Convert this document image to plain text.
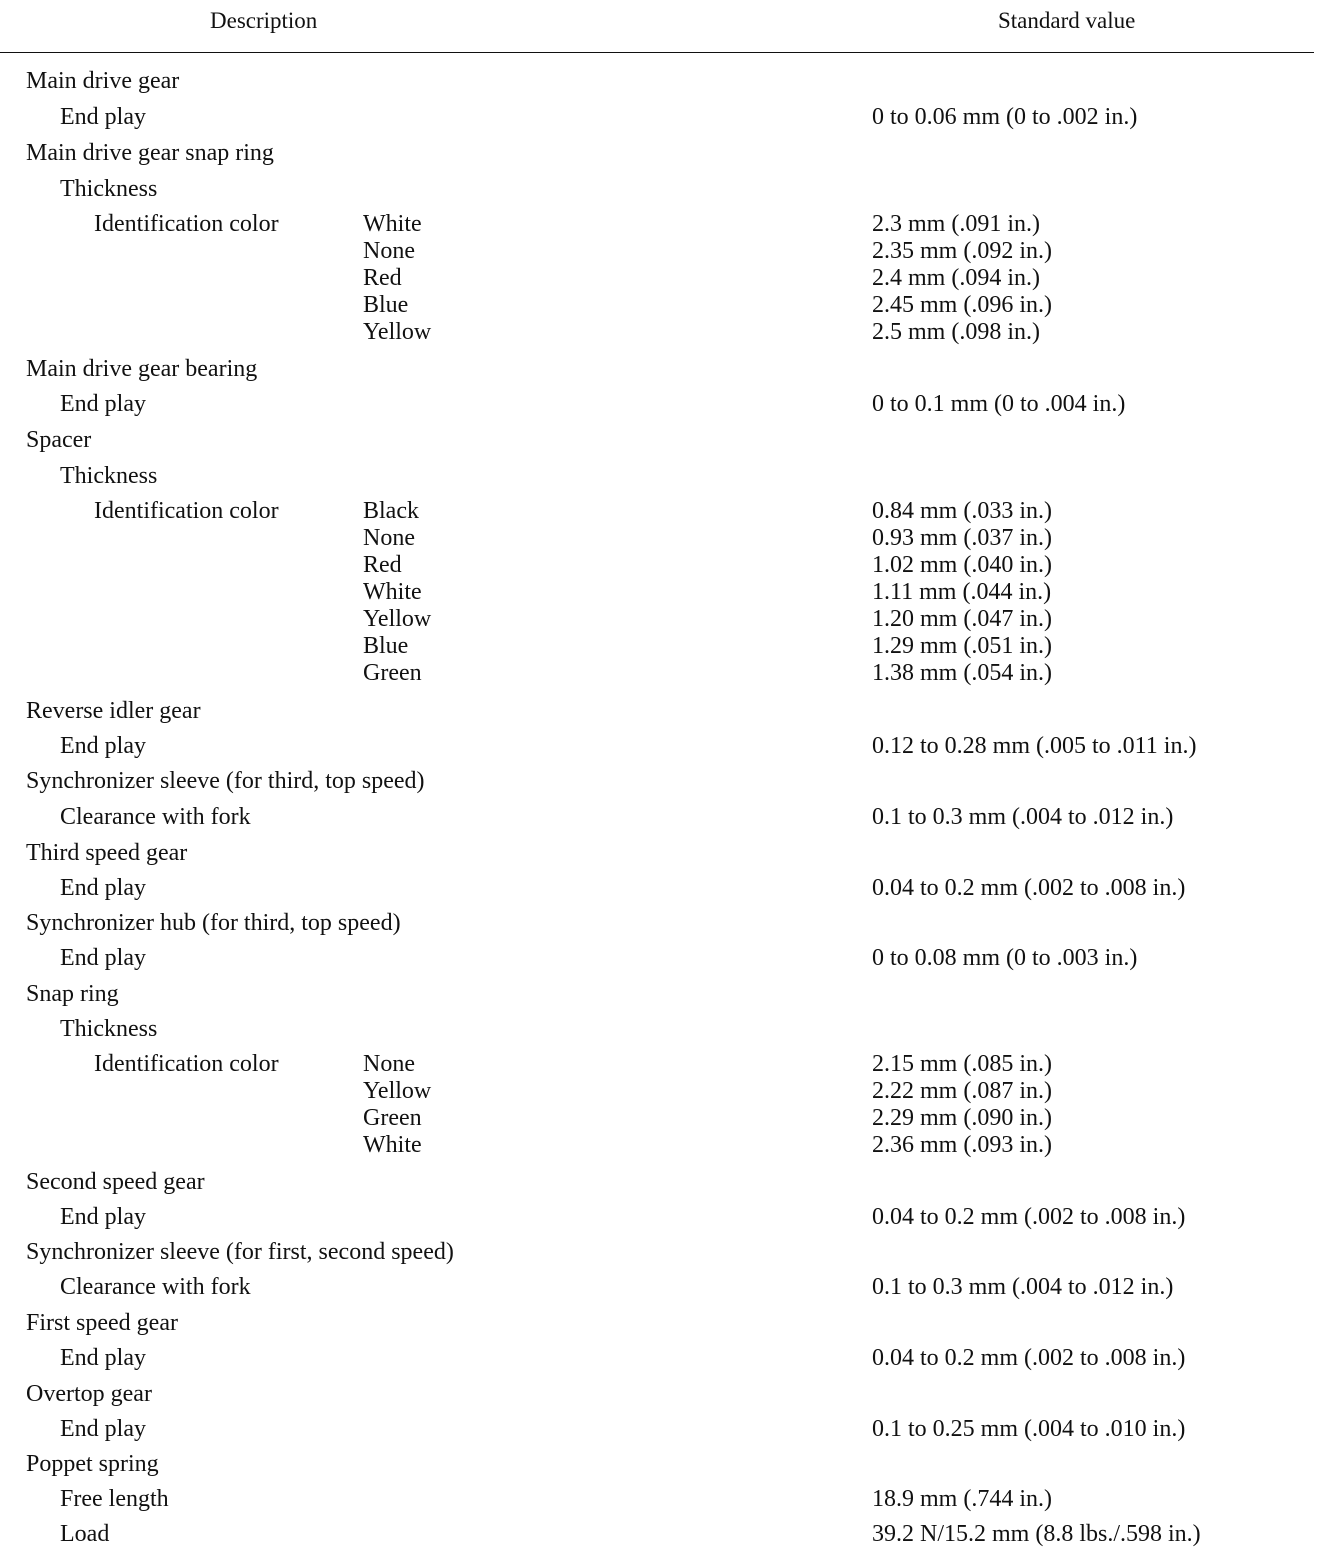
Description	Standard value
Main drive gear
End play	0 to 0.06 mm (0 to .002 in.)
Main drive gear snap ring
Thickness
Identification color	White	2.3 mm (.091 in.)
None	2.35 mm (.092 in.)
Red	2.4 mm (.094 in.)
Blue	2.45 mm (.096 in.)
Yellow	2.5 mm (.098 in.)
Main drive gear bearing
End play	0 to 0.1 mm (0 to .004 in.)
Spacer
Thickness
Identification color	Black	0.84 mm (.033 in.)
None	0.93 mm (.037 in.)
Red	1.02 mm (.040 in.)
White	1.11 mm (.044 in.)
Yellow	1.20 mm (.047 in.)
Blue	1.29 mm (.051 in.)
Green	1.38 mm (.054 in.)
Reverse idler gear
End play	0.12 to 0.28 mm (.005 to .011 in.)
Synchronizer sleeve (for third, top speed)
Clearance with fork	0.1 to 0.3 mm (.004 to .012 in.)
Third speed gear
End play	0.04 to 0.2 mm (.002 to .008 in.)
Synchronizer hub (for third, top speed)
End play	0 to 0.08 mm (0 to .003 in.)
Snap ring
Thickness
Identification color	None	2.15 mm (.085 in.)
Yellow	2.22 mm (.087 in.)
Green	2.29 mm (.090 in.)
White	2.36 mm (.093 in.)
Second speed gear
End play	0.04 to 0.2 mm (.002 to .008 in.)
Synchronizer sleeve (for first, second speed)
Clearance with fork	0.1 to 0.3 mm (.004 to .012 in.)
First speed gear
End play	0.04 to 0.2 mm (.002 to .008 in.)
Overtop gear
End play	0.1 to 0.25 mm (.004 to .010 in.)
Poppet spring
Free length	18.9 mm (.744 in.)
Load	39.2 N/15.2 mm (8.8 lbs./.598 in.)
